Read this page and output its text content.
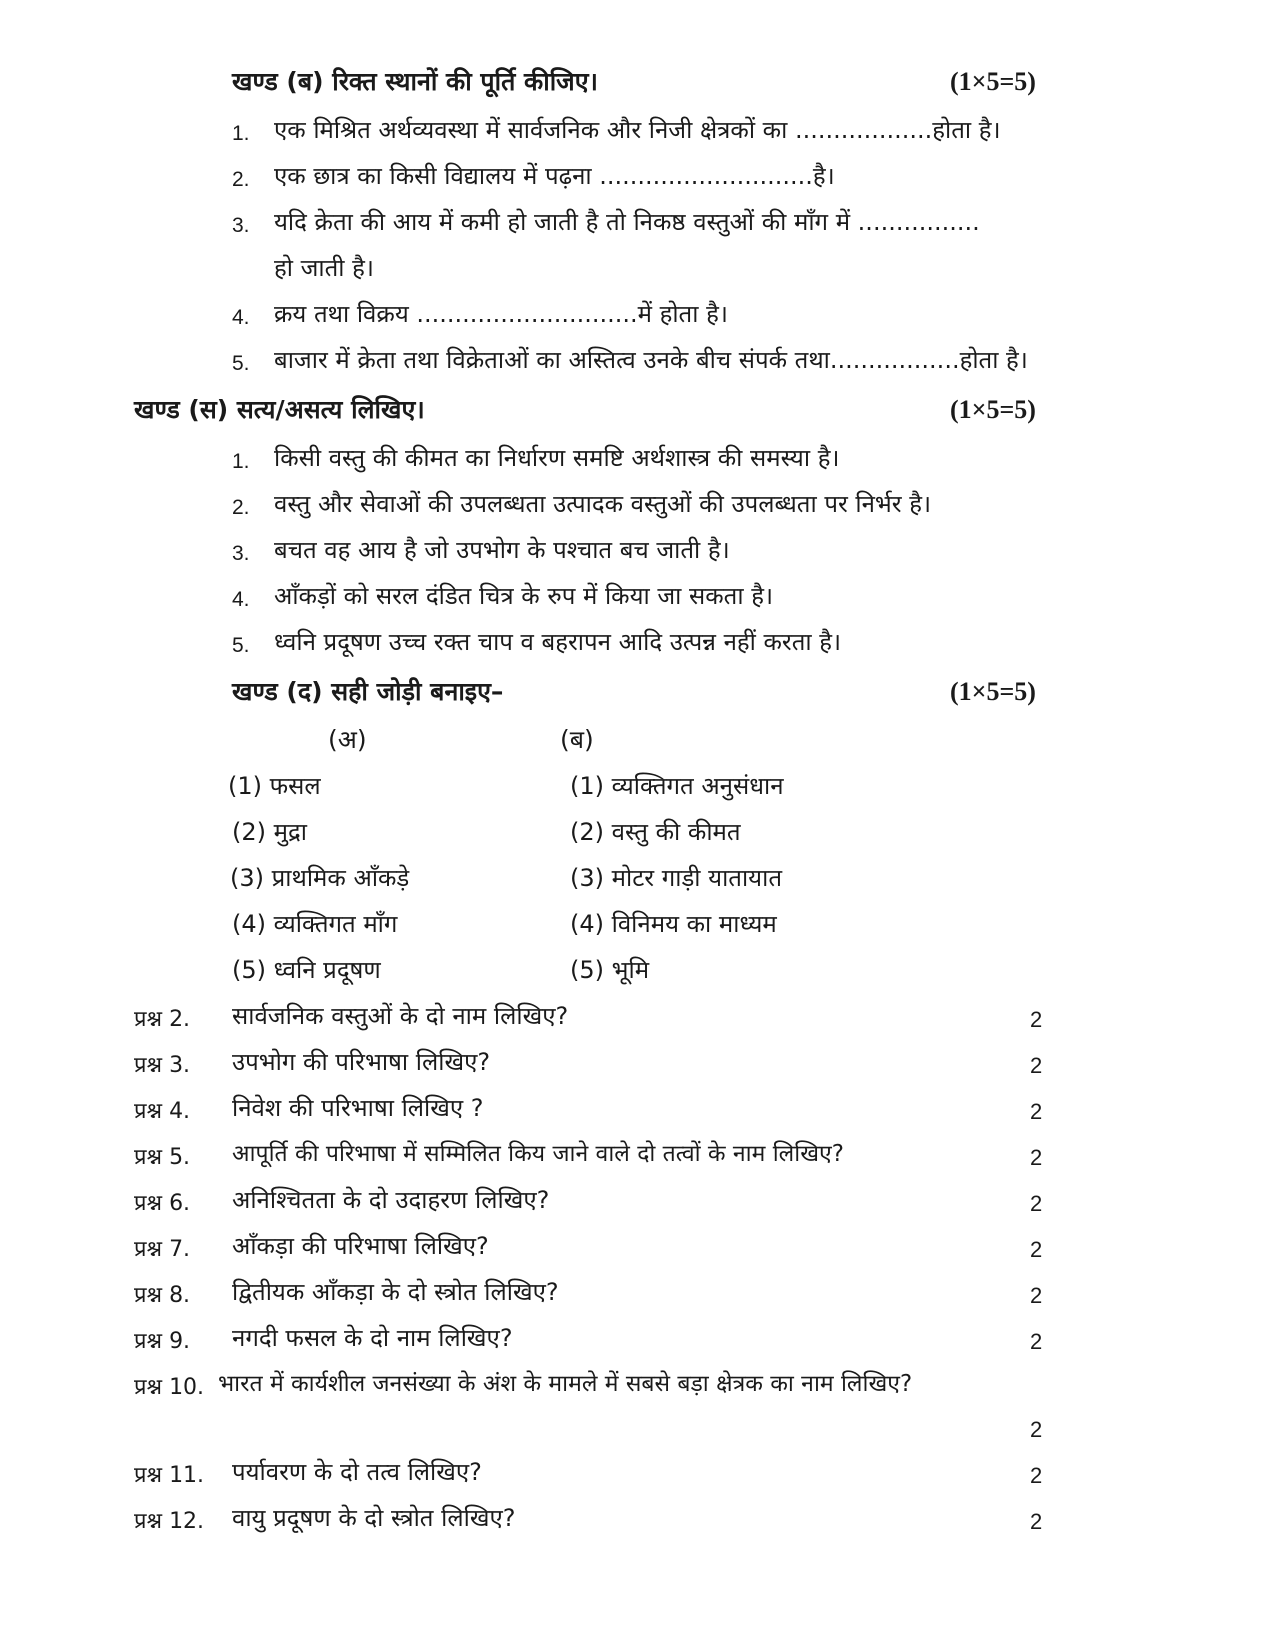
खण्ड (ब) रिक्त स्थानों की पूर्ति कीजिए।	(1×5=5)
1. एक मिश्रित अर्थव्यवस्था में सार्वजनिक और निजी क्षेत्रकों का ..................होता है।
2. एक छात्र का किसी विद्यालय में पढ़ना ............................है।
3. यदि क्रेता की आय में कमी हो जाती है तो निकष्ठ वस्तुओं की माँग में ................
हो जाती है।
4. क्रय तथा विक्रय .............................में होता है।
5. बाजार में क्रेता तथा विक्रेताओं का अस्तित्व उनके बीच संपर्क तथा.................होता है।
खण्ड (स) सत्य/असत्य लिखिए।	(1×5=5)
1. किसी वस्तु की कीमत का निर्धारण समष्टि अर्थशास्त्र की समस्या है।
2. वस्तु और सेवाओं की उपलब्धता उत्पादक वस्तुओं की उपलब्धता पर निर्भर है।
3. बचत वह आय है जो उपभोग के पश्चात बच जाती है।
4. आँकड़ों को सरल दंडित चित्र के रुप में किया जा सकता है।
5. ध्वनि प्रदूषण उच्च रक्त चाप व बहरापन आदि उत्पन्न नहीं करता है।
खण्ड (द) सही जोड़ी बनाइए–	(1×5=5)
(अ)	(ब)
(1) फसल	(1) व्यक्तिगत अनुसंधान
(2) मुद्रा	(2) वस्तु की कीमत
(3) प्राथमिक आँकड़े	(3) मोटर गाड़ी यातायात
(4) व्यक्तिगत माँग	(4) विनिमय का माध्यम
(5) ध्वनि प्रदूषण	(5) भूमि
प्रश्न 2. सार्वजनिक वस्तुओं के दो नाम लिखिए?	2
प्रश्न 3. उपभोग की परिभाषा लिखिए?	2
प्रश्न 4. निवेश की परिभाषा लिखिए ?	2
प्रश्न 5. आपूर्ति की परिभाषा में सम्मिलित किय जाने वाले दो तत्वों के नाम लिखिए?	2
प्रश्न 6. अनिश्चितता के दो उदाहरण लिखिए?	2
प्रश्न 7. आँकड़ा की परिभाषा लिखिए?	2
प्रश्न 8. द्वितीयक आँकड़ा के दो स्त्रोत लिखिए?	2
प्रश्न 9. नगदी फसल के दो नाम लिखिए?	2
प्रश्न 10. भारत में कार्यशील जनसंख्या के अंश के मामले में सबसे बड़ा क्षेत्रक का नाम लिखिए?
2
प्रश्न 11. पर्यावरण के दो तत्व लिखिए?	2
प्रश्न 12. वायु प्रदूषण के दो स्त्रोत लिखिए?	2
